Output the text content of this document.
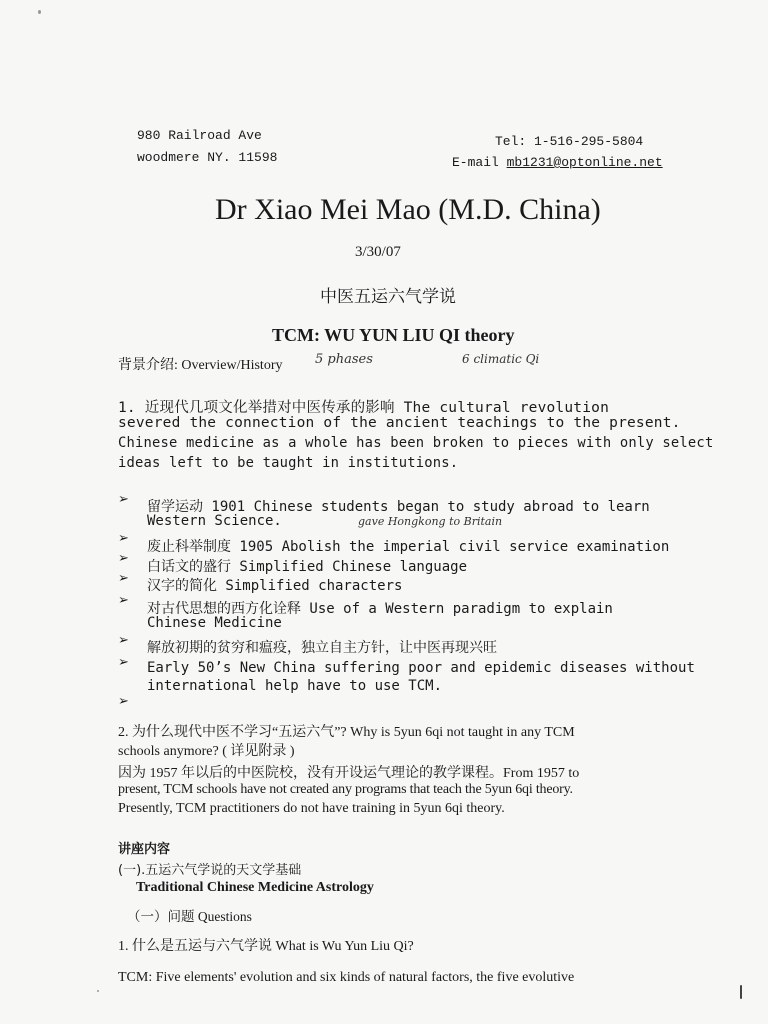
980 Railroad Ave
woodmere NY. 11598
Tel: 1-516-295-5804
E-mail mb1231@optonline.net
Dr Xiao Mei Mao (M.D. China)
3/30/07
中医五运六气学说
TCM: WU YUN LIU QI theory
背景介绍: Overview/History	5 phases	6 climatic Qi
1. 近现代几项文化举措对中医传承的影响 The cultural revolution
severed the connection of the ancient teachings to the present.
Chinese medicine as a whole has been broken to pieces with only select
ideas left to be taught in institutions.
➢ 留学运动 1901 Chinese students began to study abroad to learn
Western Science.	gave Hongkong to Britain
➢
废止科举制度 1905 Abolish the imperial civil service examination
➢
白话文的盛行 Simplified Chinese language
➢ 汉字的简化 Simplified characters
➢
对古代思想的西方化诠释 Use of a Western paradigm to explain
Chinese Medicine
➢ 解放初期的贫穷和瘟疫，独立自主方针，让中医再现兴旺
➢ Early 50’s New China suffering poor and epidemic diseases without
international help have to use TCM.
➢
2. 为什么现代中医不学习“五运六气”? Why is 5yun 6qi not taught in any TCM
schools anymore? ( 详见附录 )
因为 1957 年以后的中医院校，没有开设运气理论的教学课程。From 1957 to
present, TCM schools have not created any programs that teach the 5yun 6qi theory.
Presently, TCM practitioners do not have training in 5yun 6qi theory.
讲座内容
(一).五运六气学说的天文学基础
Traditional Chinese Medicine Astrology
（一）问题 Questions
1. 什么是五运与六气学说 What is Wu Yun Liu Qi?
TCM: Five elements' evolution and six kinds of natural factors, the five evolutive
